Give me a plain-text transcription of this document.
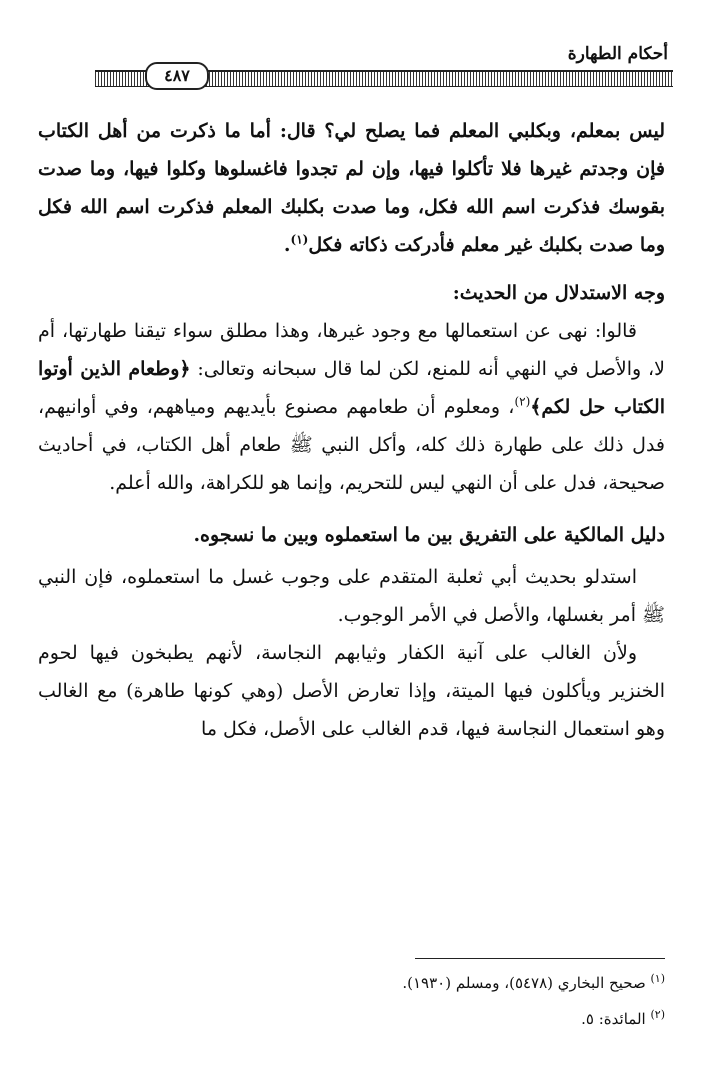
أحكام الطهارة
٤٨٧

ليس بمعلم، وبكلبي المعلم فما يصلح لي؟ قال: أما ما ذكرت من أهل الكتاب فإن وجدتم غيرها فلا تأكلوا فيها، وإن لم تجدوا فاغسلوها وكلوا فيها، وما صدت بقوسك فذكرت اسم الله فكل، وما صدت بكلبك المعلم فذكرت اسم الله فكل وما صدت بكلبك غير معلم فأدركت ذكاته فكل$^{(١)}$.

وجه الاستدلال من الحديث:

قالوا: نهى عن استعمالها مع وجود غيرها، وهذا مطلق سواء تيقنا طهارتها، أم لا، والأصل في النهي أنه للمنع، لكن لما قال سبحانه وتعالى: ﴿وطعام الذين أوتوا الكتاب حل لكم﴾$^{(٢)}$، ومعلوم أن طعامهم مصنوع بأيديهم ومياههم، وفي أوانيهم، فدل ذلك على طهارة ذلك كله، وأكل النبي ﷺ طعام أهل الكتاب، في أحاديث صحيحة، فدل على أن النهي ليس للتحريم، وإنما هو للكراهة، والله أعلم.

دليل المالكية على التفريق بين ما استعملوه وبين ما نسجوه.

استدلو بحديث أبي ثعلبة المتقدم على وجوب غسل ما استعملوه، فإن النبي ﷺ أمر بغسلها، والأصل في الأمر الوجوب.

ولأن الغالب على آنية الكفار وثيابهم النجاسة، لأنهم يطبخون فيها لحوم الخنزير ويأكلون فيها الميتة، وإذا تعارض الأصل (وهي كونها طاهرة) مع الغالب وهو استعمال النجاسة فيها، قدم الغالب على الأصل، فكل ما

$^{(١)}$ صحيح البخاري (٥٤٧٨)، ومسلم (١٩٣٠).

$^{(٢)}$ المائدة: ٥.
